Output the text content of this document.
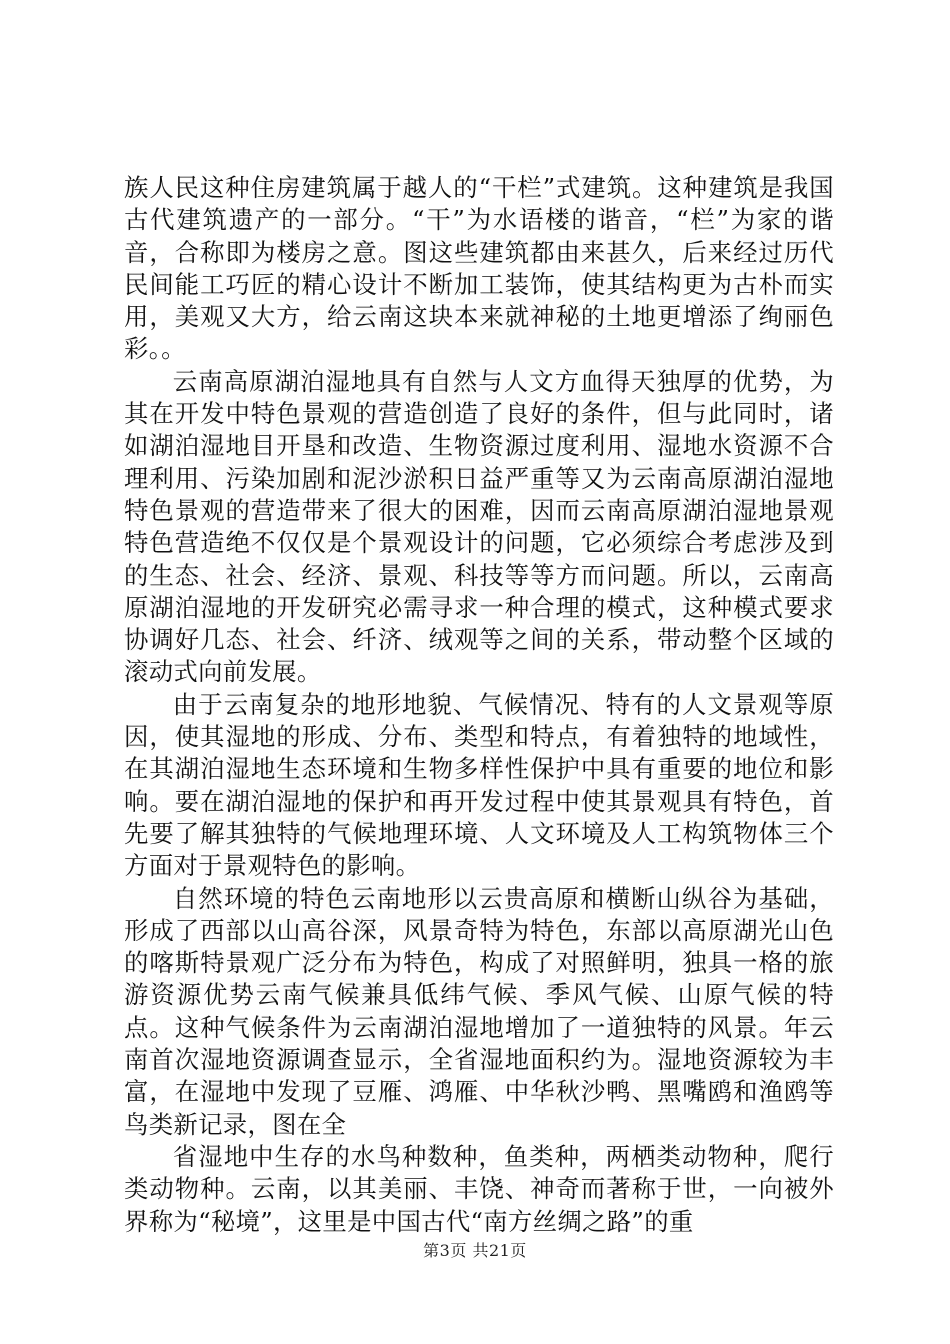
族人民这种住房建筑属于越人的“干栏”式建筑。这种建筑是我国古代建筑遗产的一部分。“干”为水语楼的谐音，“栏”为家的谐音，合称即为楼房之意。图这些建筑都由来甚久，后来经过历代民间能工巧匠的精心设计不断加工装饰，使其结构更为古朴而实用，美观又大方，给云南这块本来就神秘的土地更增添了绚丽色彩。。

云南高原湖泊湿地具有自然与人文方血得天独厚的优势，为其在开发中特色景观的营造创造了良好的条件，但与此同时，诸如湖泊湿地目开垦和改造、生物资源过度利用、湿地水资源不合理利用、污染加剧和泥沙淤积日益严重等又为云南高原湖泊湿地特色景观的营造带来了很大的困难，因而云南高原湖泊湿地景观特色营造绝不仅仅是个景观设计的问题，它必须综合考虑涉及到的生态、社会、经济、景观、科技等等方而问题。所以，云南高原湖泊湿地的开发研究必需寻求一种合理的模式，这种模式要求协调好几态、社会、纤济、绒观等之间的关系，带动整个区域的滚动式向前发展。

由于云南复杂的地形地貌、气候情况、特有的人文景观等原因，使其湿地的形成、分布、类型和特点，有着独特的地域性，在其湖泊湿地生态环境和生物多样性保护中具有重要的地位和影响。要在湖泊湿地的保护和再开发过程中使其景观具有特色，首先要了解其独特的气候地理环境、人文环境及人工构筑物体三个方面对于景观特色的影响。

自然环境的特色云南地形以云贵高原和横断山纵谷为基础，形成了西部以山高谷深，风景奇特为特色，东部以高原湖光山色的喀斯特景观广泛分布为特色，构成了对照鲜明，独具一格的旅游资源优势云南气候兼具低纬气候、季风气候、山原气候的特点。这种气候条件为云南湖泊湿地增加了一道独特的风景。年云南首次湿地资源调查显示，全省湿地面积约为。湿地资源较为丰富，在湿地中发现了豆雁、鸿雁、中华秋沙鸭、黑嘴鸥和渔鸥等鸟类新记录，图在全

省湿地中生存的水鸟种数种，鱼类种，两栖类动物种，爬行类动物种。云南，以其美丽、丰饶、神奇而著称于世，一向被外界称为“秘境”，这里是中国古代“南方丝绸之路”的重

第3页 共21页
